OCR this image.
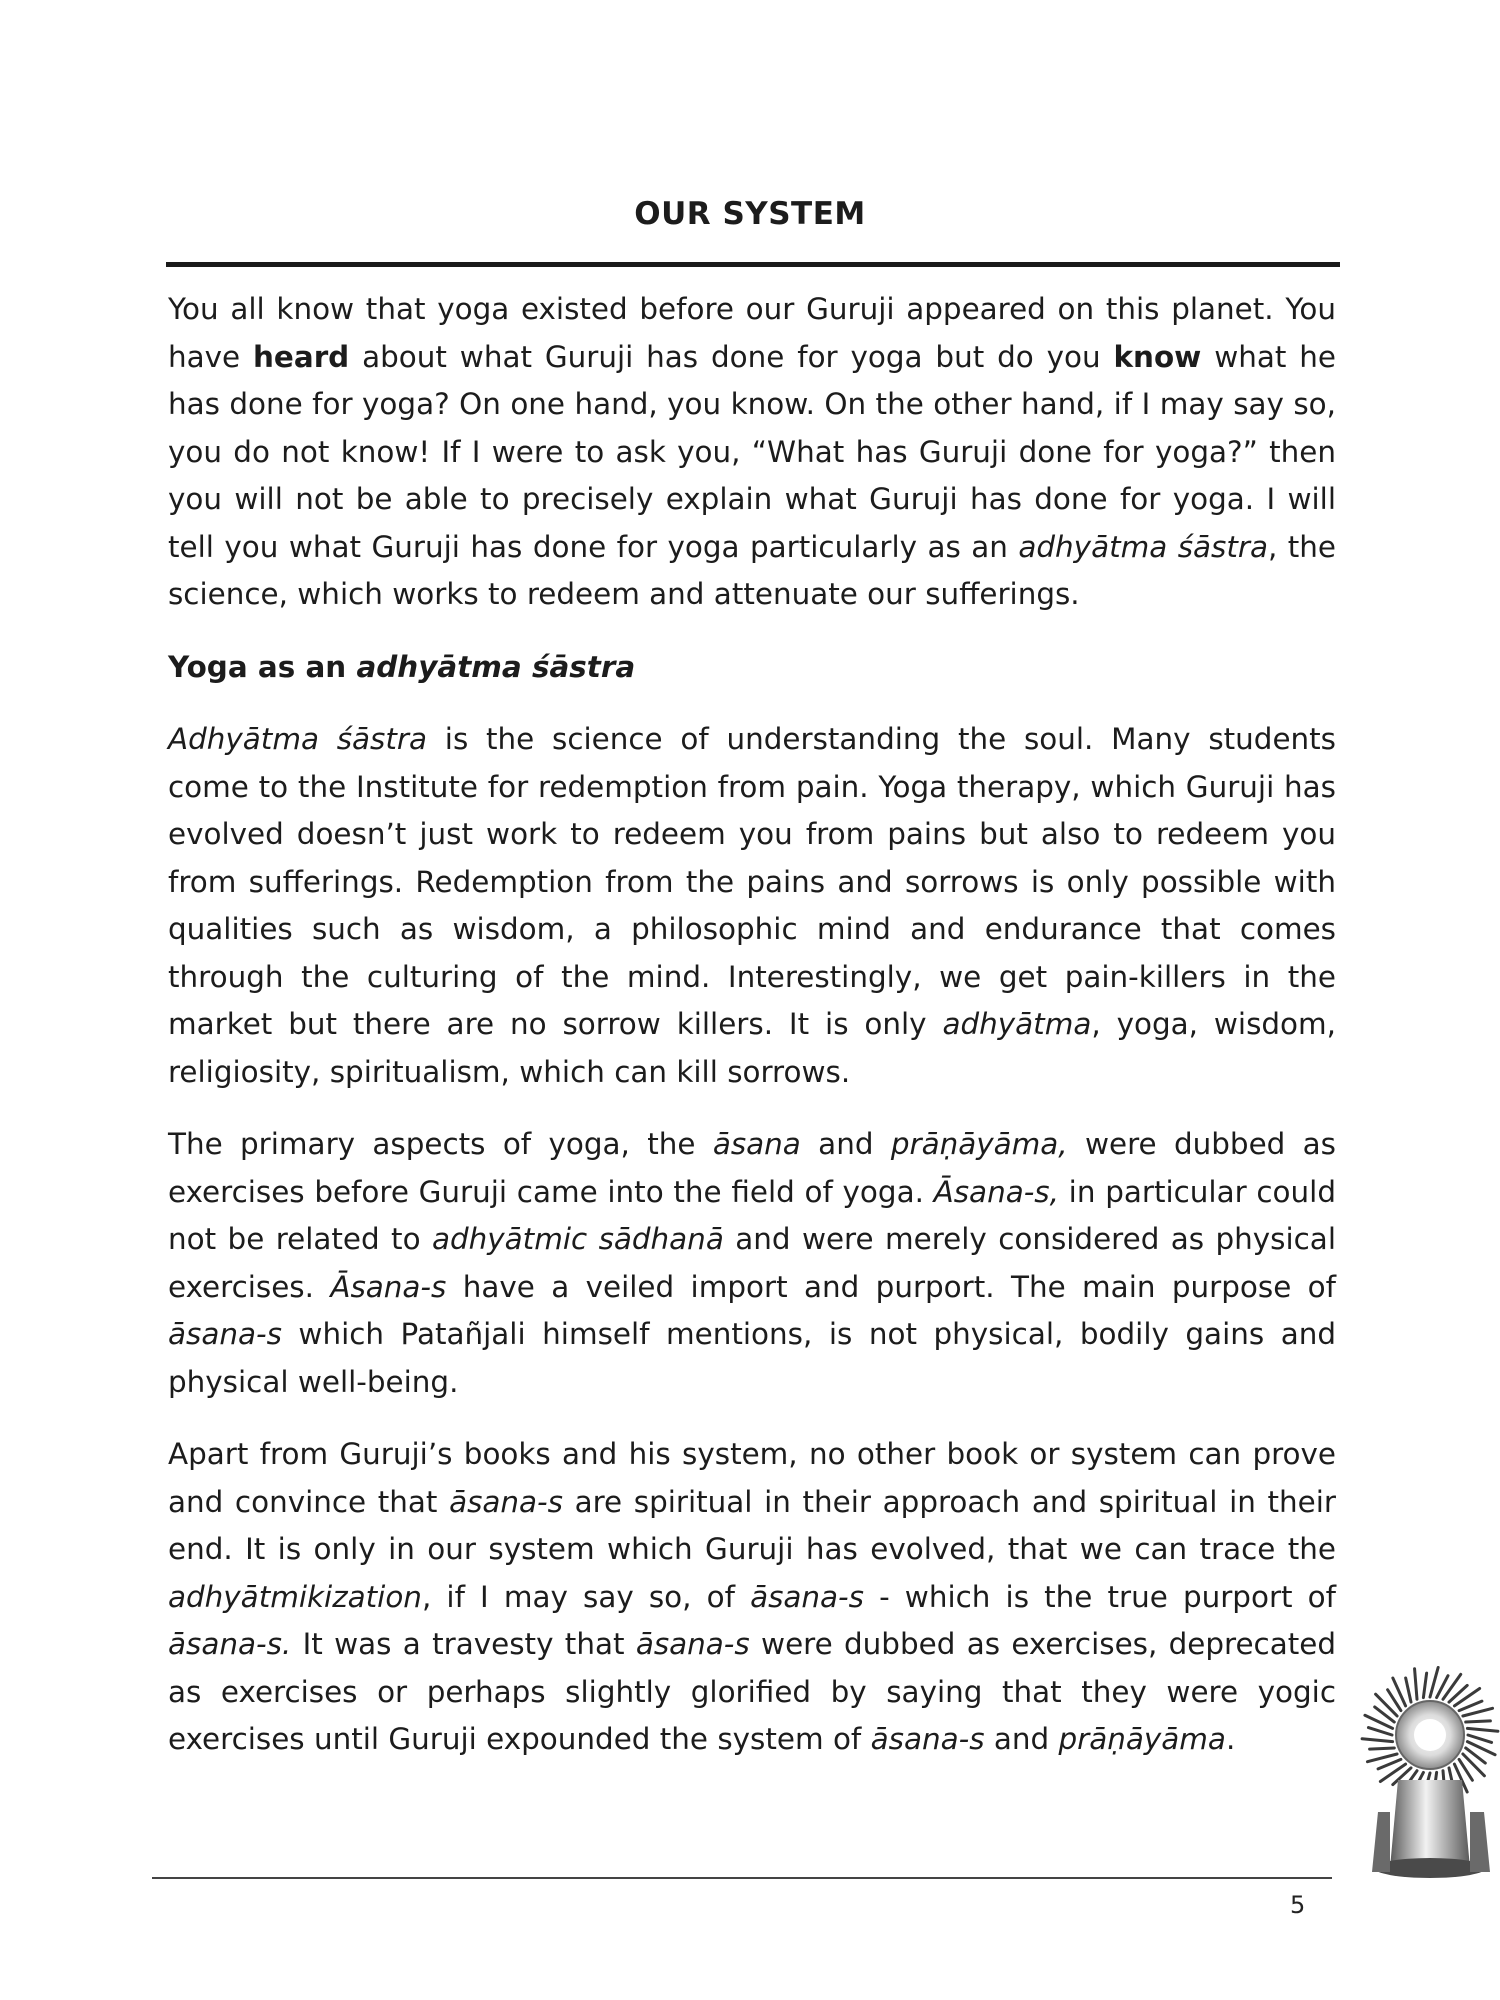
OUR SYSTEM

You all know that yoga existed before our Guruji appeared on this planet. You have heard about what Guruji has done for yoga but do you know what he has done for yoga? On one hand, you know. On the other hand, if I may say so, you do not know! If I were to ask you, “What has Guruji done for yoga?” then you will not be able to precisely explain what Guruji has done for yoga. I will tell you what Guruji has done for yoga particularly as an adhyātma śāstra, the science, which works to redeem and attenuate our sufferings.

Yoga as an adhyātma śāstra

Adhyātma śāstra is the science of understanding the soul. Many students come to the Institute for redemption from pain. Yoga therapy, which Guruji has evolved doesn’t just work to redeem you from pains but also to redeem you from sufferings. Redemption from the pains and sorrows is only possible with qualities such as wisdom, a philosophic mind and endurance that comes through the culturing of the mind. Interestingly, we get pain-killers in the market but there are no sorrow killers. It is only adhyātma, yoga, wisdom, religiosity, spiritualism, which can kill sorrows.

The primary aspects of yoga, the āsana and prāṇāyāma, were dubbed as exercises before Guruji came into the field of yoga. Āsana-s, in particular could not be related to adhyātmic sādhanā and were merely considered as physical exercises. Āsana-s have a veiled import and purport. The main purpose of āsana-s which Patañjali himself mentions, is not physical, bodily gains and physical well-being.

Apart from Guruji’s books and his system, no other book or system can prove and convince that āsana-s are spiritual in their approach and spiritual in their end. It is only in our system which Guruji has evolved, that we can trace the adhyātmikization, if I may say so, of āsana-s - which is the true purport of āsana-s. It was a travesty that āsana-s were dubbed as exercises, deprecated as exercises or perhaps slightly glorified by saying that they were yogic exercises until Guruji expounded the system of āsana-s and prāṇāyāma.

5
